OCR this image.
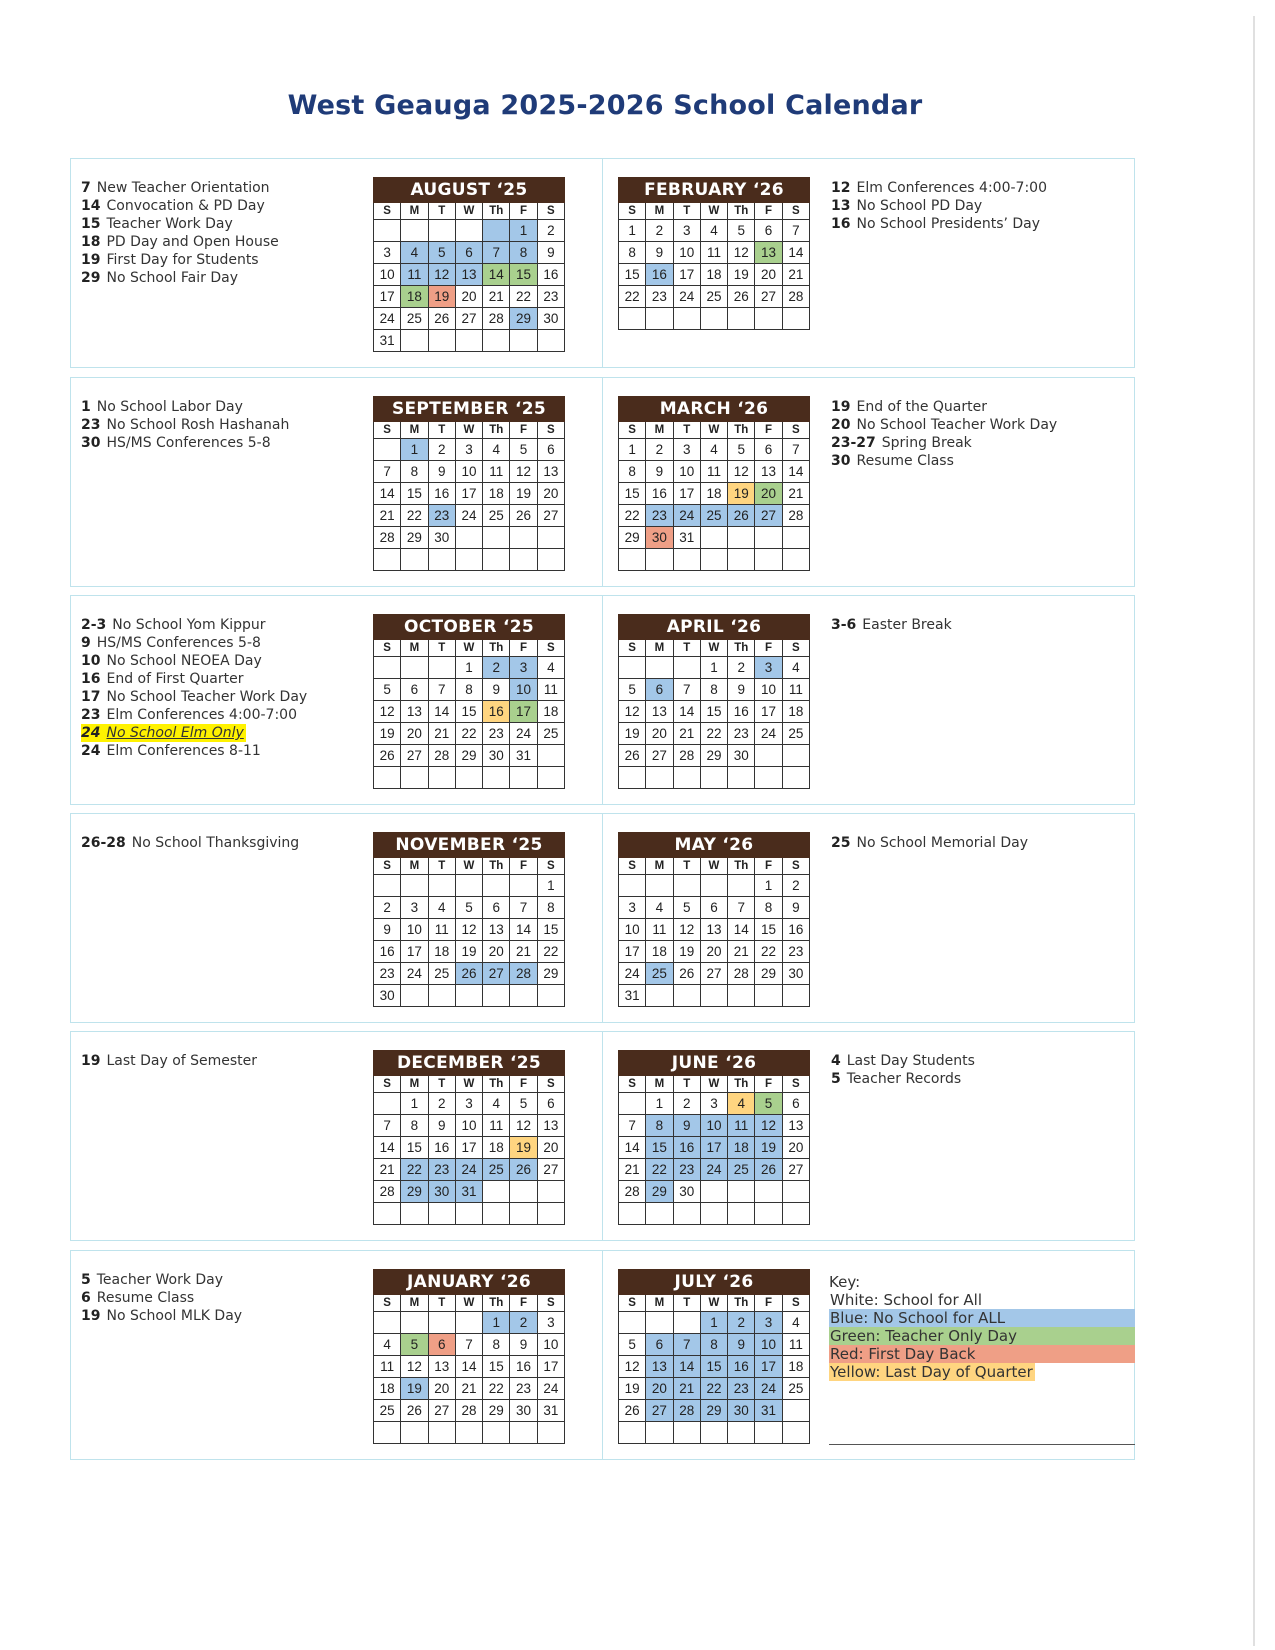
West Geauga 2025-2026 School Calendar
7 New Teacher Orientation
14 Convocation & PD Day
15 Teacher Work Day
18 PD Day and Open House
19 First Day for Students
29 No School Fair Day
AUGUST ‘25						
S	M	T	W	Th	F	S
					1	2
3	4	5	6	7	8	9
10	11	12	13	14	15	16
17	18	19	20	21	22	23
24	25	26	27	28	29	30
31						
1 No School Labor Day
23 No School Rosh Hashanah
30 HS/MS Conferences 5-8
SEPTEMBER ‘25						
S	M	T	W	Th	F	S
	1	2	3	4	5	6
7	8	9	10	11	12	13
14	15	16	17	18	19	20
21	22	23	24	25	26	27
28	29	30				

2-3 No School Yom Kippur
9 HS/MS Conferences 5-8
10 No School NEOEA Day
16 End of First Quarter
17 No School Teacher Work Day
23 Elm Conferences 4:00-7:00
24 No School Elm Only
24 Elm Conferences 8-11
OCTOBER ‘25						
S	M	T	W	Th	F	S
			1	2	3	4
5	6	7	8	9	10	11
12	13	14	15	16	17	18
19	20	21	22	23	24	25
26	27	28	29	30	31	

26-28 No School Thanksgiving	NOVEMBER ‘25						
S	M	T	W	Th	F	S
						1
2	3	4	5	6	7	8
9	10	11	12	13	14	15
16	17	18	19	20	21	22
23	24	25	26	27	28	29
30						
19 Last Day of Semester	DECEMBER ‘25						
S	M	T	W	Th	F	S
	1	2	3	4	5	6
7	8	9	10	11	12	13
14	15	16	17	18	19	20
21	22	23	24	25	26	27
28	29	30	31			

5 Teacher Work Day
6 Resume Class
19 No School MLK Day
JANUARY ‘26						
S	M	T	W	Th	F	S
				1	2	3
4	5	6	7	8	9	10
11	12	13	14	15	16	17
18	19	20	21	22	23	24
25	26	27	28	29	30	31

FEBRUARY ‘26						
S	M	T	W	Th	F	S
1	2	3	4	5	6	7
8	9	10	11	12	13	14
15	16	17	18	19	20	21
22	23	24	25	26	27	28

12 Elm Conferences 4:00-7:00
13 No School PD Day
16 No School Presidents’ Day
MARCH ‘26						
S	M	T	W	Th	F	S
1	2	3	4	5	6	7
8	9	10	11	12	13	14
15	16	17	18	19	20	21
22	23	24	25	26	27	28
29	30	31				

19 End of the Quarter
20 No School Teacher Work Day
23-27 Spring Break
30 Resume Class
APRIL ‘26						
S	M	T	W	Th	F	S
			1	2	3	4
5	6	7	8	9	10	11
12	13	14	15	16	17	18
19	20	21	22	23	24	25
26	27	28	29	30		

3-6 Easter Break
MAY ‘26						
S	M	T	W	Th	F	S
					1	2
3	4	5	6	7	8	9
10	11	12	13	14	15	16
17	18	19	20	21	22	23
24	25	26	27	28	29	30
31						
25 No School Memorial Day
JUNE ‘26						
S	M	T	W	Th	F	S
	1	2	3	4	5	6
7	8	9	10	11	12	13
14	15	16	17	18	19	20
21	22	23	24	25	26	27
28	29	30				

4 Last Day Students
5 Teacher Records
JULY ‘26						
S	M	T	W	Th	F	S
			1	2	3	4
5	6	7	8	9	10	11
12	13	14	15	16	17	18
19	20	21	22	23	24	25
26	27	28	29	30	31	

Key:
White: School for All
Blue: No School for ALL
Green: Teacher Only Day
Red: First Day Back
Yellow: Last Day of Quarter
